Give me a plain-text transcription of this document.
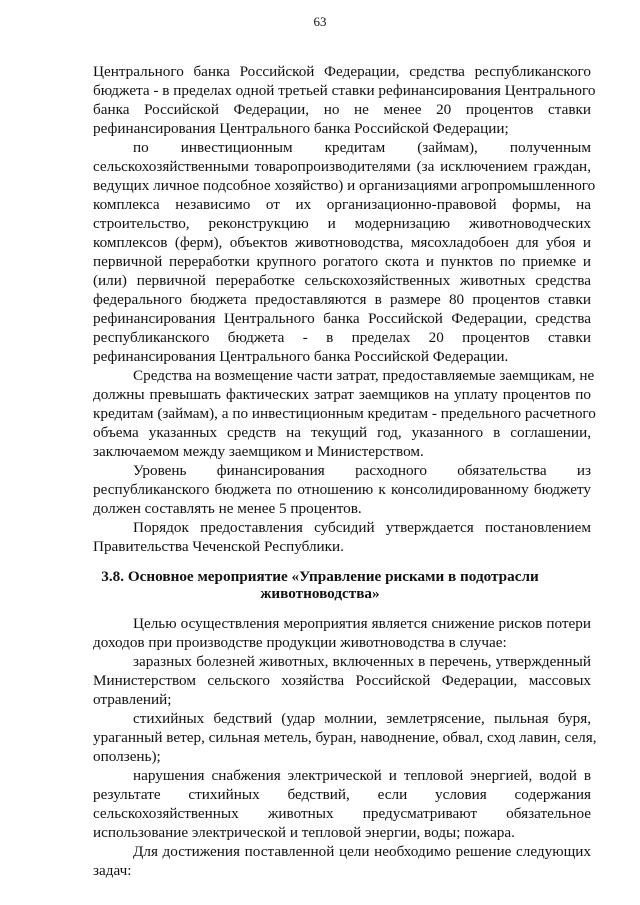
63
Центрального банка Российской Федерации, средства республиканского
бюджета - в пределах одной третьей ставки рефинансирования Центрального
банка Российской Федерации, но не менее 20 процентов ставки
рефинансирования Центрального банка Российской Федерации;
по инвестиционным кредитам (займам), полученным
сельскохозяйственными товаропроизводителями (за исключением граждан,
ведущих личное подсобное хозяйство) и организациями агропромышленного
комплекса независимо от их организационно-правовой формы, на
строительство, реконструкцию и модернизацию животноводческих
комплексов (ферм), объектов животноводства, мясохладобоен для убоя и
первичной переработки крупного рогатого скота и пунктов по приемке и
(или) первичной переработке сельскохозяйственных животных средства
федерального бюджета предоставляются в размере 80 процентов ставки
рефинансирования Центрального банка Российской Федерации, средства
республиканского бюджета - в пределах 20 процентов ставки
рефинансирования Центрального банка Российской Федерации.
Средства на возмещение части затрат, предоставляемые заемщикам, не
должны превышать фактических затрат заемщиков на уплату процентов по
кредитам (займам), а по инвестиционным кредитам - предельного расчетного
объема указанных средств на текущий год, указанного в соглашении,
заключаемом между заемщиком и Министерством.
Уровень финансирования расходного обязательства из
республиканского бюджета по отношению к консолидированному бюджету
должен составлять не менее 5 процентов.
Порядок предоставления субсидий утверждается постановлением
Правительства Чеченской Республики.
3.8. Основное мероприятие «Управление рисками в подотрасли
животноводства»
Целью осуществления мероприятия является снижение рисков потери
доходов при производстве продукции животноводства в случае:
заразных болезней животных, включенных в перечень, утвержденный
Министерством сельского хозяйства Российской Федерации, массовых
отравлений;
стихийных бедствий (удар молнии, землетрясение, пыльная буря,
ураганный ветер, сильная метель, буран, наводнение, обвал, сход лавин, селя,
оползень);
нарушения снабжения электрической и тепловой энергией, водой в
результате стихийных бедствий, если условия содержания
сельскохозяйственных животных предусматривают обязательное
использование электрической и тепловой энергии, воды; пожара.
Для достижения поставленной цели необходимо решение следующих
задач:
